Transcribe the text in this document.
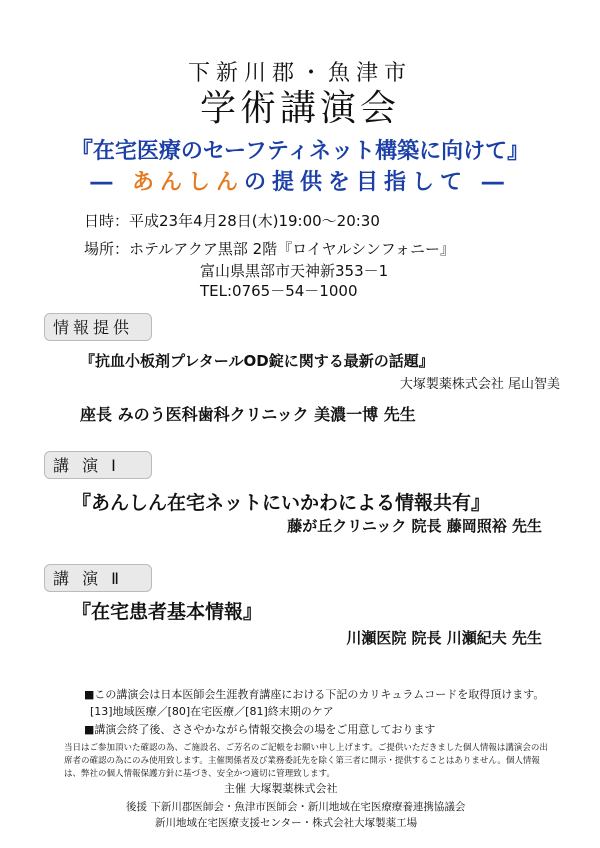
下新川郡・魚津市
学術講演会
『在宅医療のセーフティネット構築に向けて』
― あんしんの提供を目指して ―
日時：平成23年4月28日(木)19:00～20:30
場所：ホテルアクア黒部 2階『ロイヤルシンフォニー』
富山県黒部市天神新353－1
TEL:0765－54－1000
情報提供
『抗血小板剤プレタールOD錠に関する最新の話題』
大塚製薬株式会社 尾山智美
座長 みのう医科歯科クリニック 美濃一博 先生
講 演 Ⅰ
『あんしん在宅ネットにいかわによる情報共有』
藤が丘クリニック 院長 藤岡照裕 先生
講 演 Ⅱ
『在宅患者基本情報』
川瀬医院 院長 川瀬紀夫 先生
■この講演会は日本医師会生涯教育講座における下記のカリキュラムコードを取得頂けます。
[13]地域医療／[80]在宅医療／[81]終末期のケア
■講演会終了後、ささやかながら情報交換会の場をご用意しております
当日はご参加頂いた確認の為、ご施設名、ご芳名のご記帳をお願い申し上げます。ご提供いただきました個人情報は講演会の出席者の確認の為にのみ使用致します。主催関係者及び業務委託先を除く第三者に開示・提供することはありません。個人情報は、弊社の個人情報保護方針に基づき、安全かつ適切に管理致します。
主催 大塚製薬株式会社
後援 下新川郡医師会・魚津市医師会・新川地域在宅医療療養連携協議会
新川地域在宅医療支援センター・株式会社大塚製薬工場
